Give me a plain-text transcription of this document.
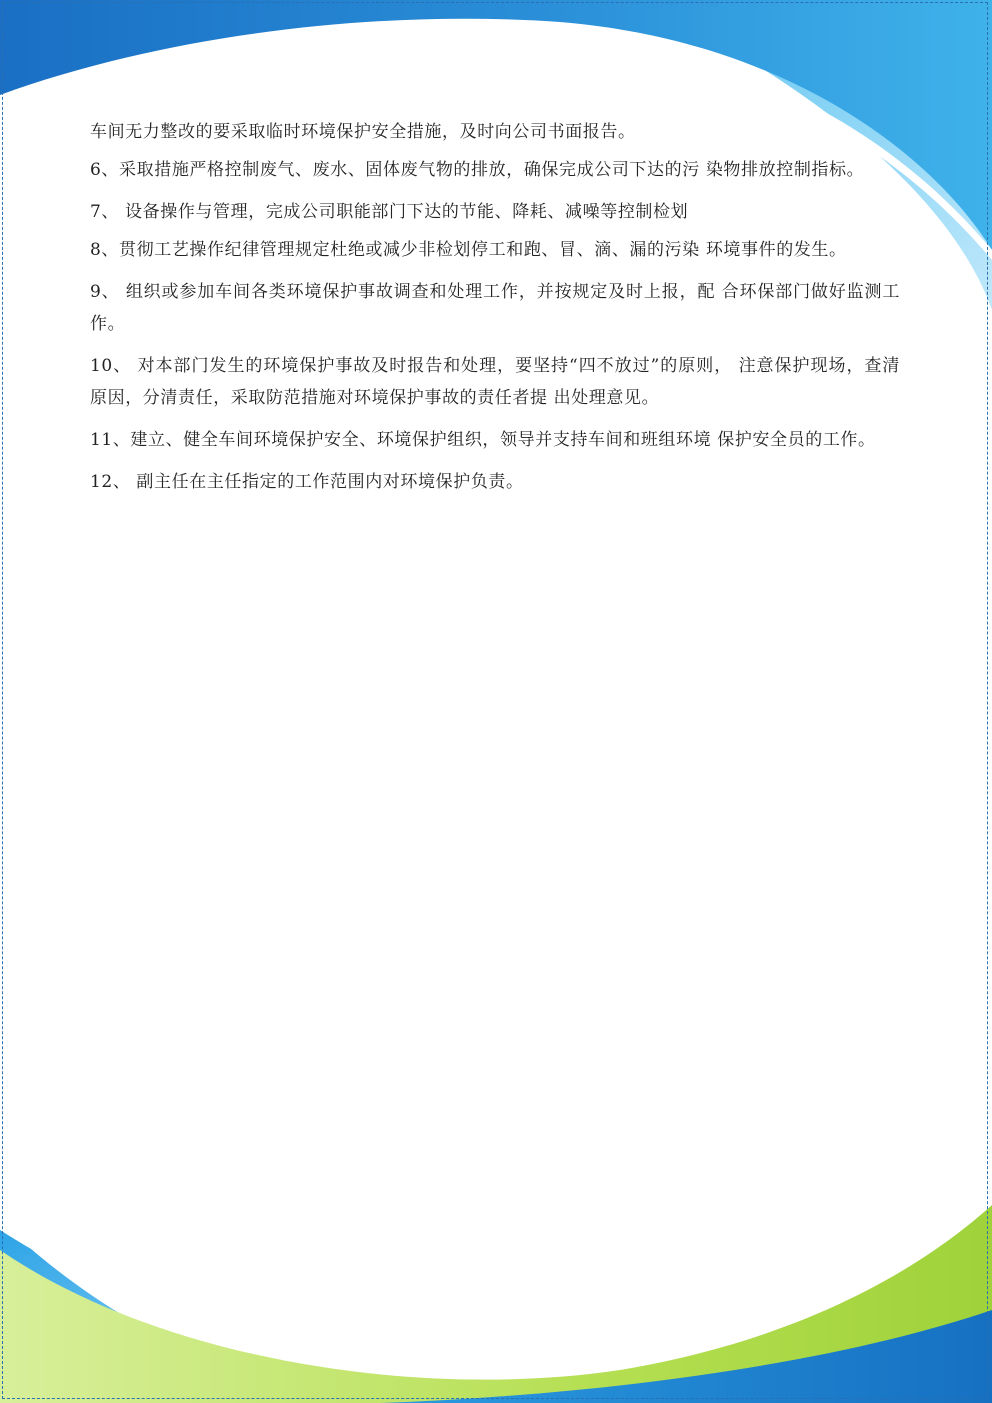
车间无力整改的要采取临时环境保护安全措施，及时向公司书面报告。

6、采取措施严格控制废气、废水、固体废气物的排放，确保完成公司下达的污 染物排放控制指标。

7、 设备操作与管理，完成公司职能部门下达的节能、降耗、减噪等控制检划

8、贯彻工艺操作纪律管理规定杜绝或减少非检划停工和跑、冒、滴、漏的污染 环境事件的发生。

9、 组织或参加车间各类环境保护事故调查和处理工作，并按规定及时上报，配 合环保部门做好监测工作。

10、 对本部门发生的环境保护事故及时报告和处理，要坚持“四不放过”的原则， 注意保护现场，查清原因，分清责任，采取防范措施对环境保护事故的责任者提 出处理意见。

11、建立、健全车间环境保护安全、环境保护组织，领导并支持车间和班组环境 保护安全员的工作。

12、 副主任在主任指定的工作范围内对环境保护负责。
